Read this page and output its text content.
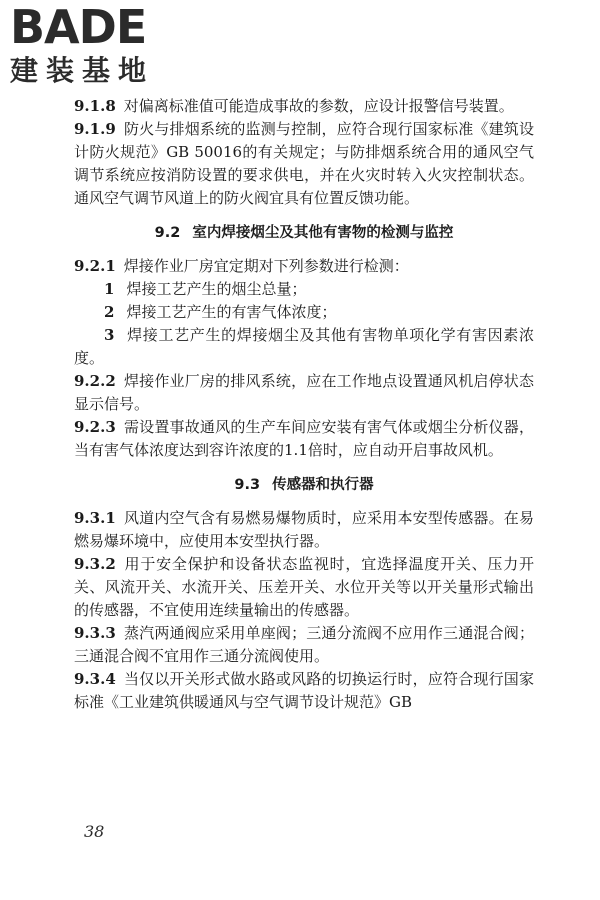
BADE
建装基地

9.1.8 对偏离标准值可能造成事故的参数，应设计报警信号装置。

9.1.9 防火与排烟系统的监测与控制，应符合现行国家标准《建筑设计防火规范》GB 50016的有关规定；与防排烟系统合用的通风空气调节系统应按消防设置的要求供电，并在火灾时转入火灾控制状态。通风空气调节风道上的防火阀宜具有位置反馈功能。

9.2 室内焊接烟尘及其他有害物的检测与监控

9.2.1 焊接作业厂房宜定期对下列参数进行检测：

1 焊接工艺产生的烟尘总量；

2 焊接工艺产生的有害气体浓度；

3 焊接工艺产生的焊接烟尘及其他有害物单项化学有害因素浓度。

9.2.2 焊接作业厂房的排风系统，应在工作地点设置通风机启停状态显示信号。

9.2.3 需设置事故通风的生产车间应安装有害气体或烟尘分析仪器，当有害气体浓度达到容许浓度的1.1倍时，应自动开启事故风机。

9.3 传感器和执行器

9.3.1 风道内空气含有易燃易爆物质时，应采用本安型传感器。在易燃易爆环境中，应使用本安型执行器。

9.3.2 用于安全保护和设备状态监视时，宜选择温度开关、压力开关、风流开关、水流开关、压差开关、水位开关等以开关量形式输出的传感器，不宜使用连续量输出的传感器。

9.3.3 蒸汽两通阀应采用单座阀；三通分流阀不应用作三通混合阀；三通混合阀不宜用作三通分流阀使用。

9.3.4 当仅以开关形式做水路或风路的切换运行时，应符合现行国家标准《工业建筑供暖通风与空气调节设计规范》GB

38
